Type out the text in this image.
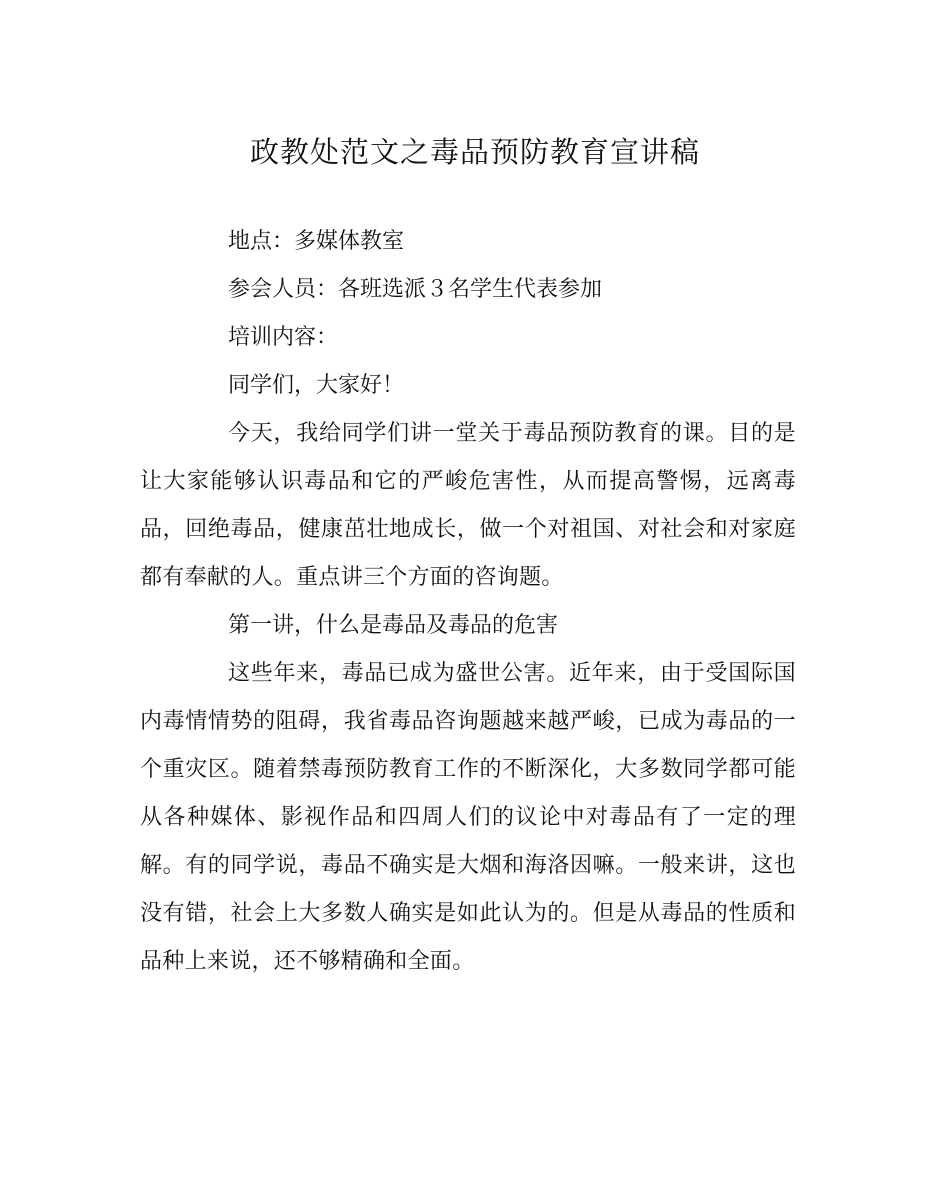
政教处范文之毒品预防教育宣讲稿

地点：多媒体教室

参会人员：各班选派３名学生代表参加

培训内容：

同学们，大家好！

今天，我给同学们讲一堂关于毒品预防教育的课。目的是让大家能够认识毒品和它的严峻危害性，从而提高警惕，远离毒品，回绝毒品，健康茁壮地成长，做一个对祖国、对社会和对家庭都有奉献的人。重点讲三个方面的咨询题。

第一讲，什么是毒品及毒品的危害

这些年来，毒品已成为盛世公害。近年来，由于受国际国内毒情情势的阻碍，我省毒品咨询题越来越严峻，已成为毒品的一个重灾区。随着禁毒预防教育工作的不断深化，大多数同学都可能从各种媒体、影视作品和四周人们的议论中对毒品有了一定的理解。有的同学说，毒品不确实是大烟和海洛因嘛。一般来讲，这也没有错，社会上大多数人确实是如此认为的。但是从毒品的性质和品种上来说，还不够精确和全面。
